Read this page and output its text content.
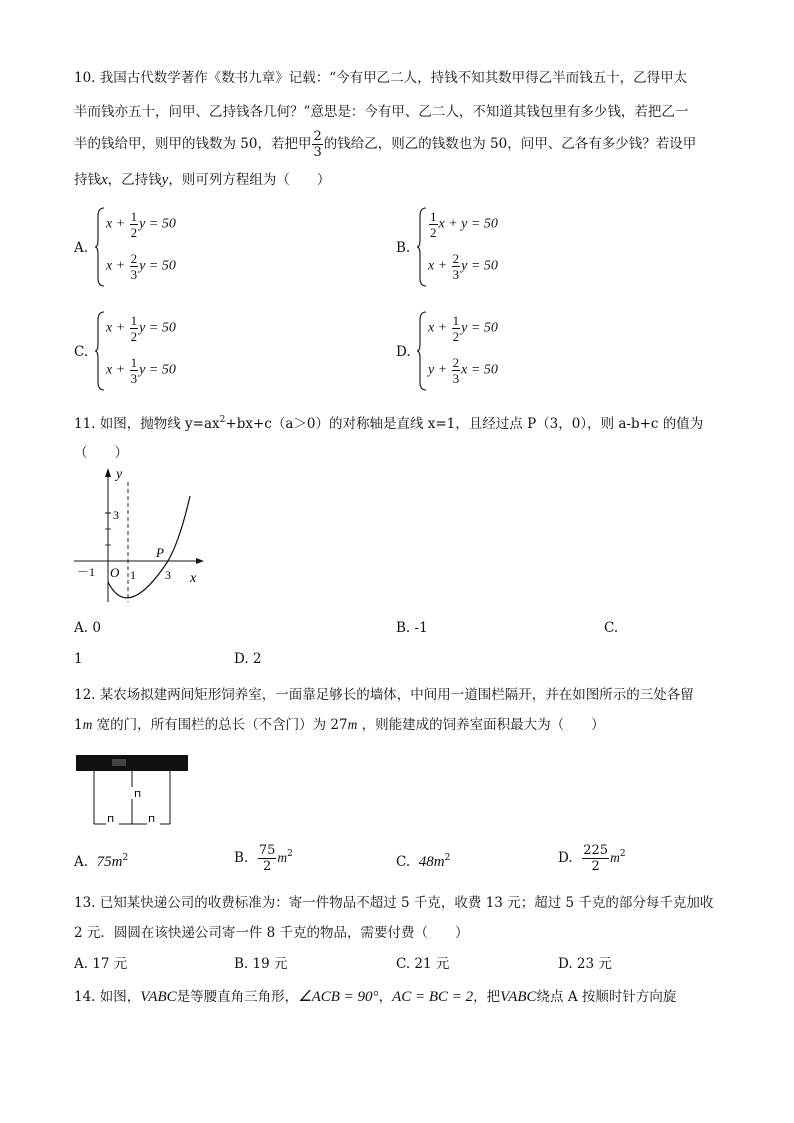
10. 我国古代数学著作《数书九章》记载：“今有甲乙二人，持钱不知其数甲得乙半而钱五十，乙得甲太
半而钱亦五十，问甲、乙持钱各几何？”意思是：今有甲、乙二人，不知道其钱包里有多少钱，若把乙一
半的钱给甲，则甲的钱数为 50，若把甲 $\frac{2}{3}$ 的钱给乙，则乙的钱数也为 50，问甲、乙各有多少钱？若设甲
持钱x，乙持钱y，则可列方程组为（　　）
A.
$x + \frac{1}{2}$ y = 50
$x + \frac{2}{3}$ y = 50
B.
$\frac{1}{2}$ x + y = 50
$x + \frac{2}{3}$ y = 50
C.
$x + \frac{1}{2}$ y = 50
$x + \frac{1}{3}$ y = 50
D.
$x + \frac{1}{2}$ y = 50
$y + \frac{2}{3}$ x = 50
11. 如图，抛物线 $y=ax^2+bx+c(a>0)$的对称轴是直线 x=1，且经过点 P（3，0），则 a-b+c 的值为
（　　）
y
3
－1 O 1 3 x
P
A. 0	B. -1	C.
1	D. 2
12. 某农场拟建两间矩形饲养室，一面靠足够长的墙体，中间用一道围栏隔开，并在如图所示的三处各留
1m 宽的门，所有围栏的总长（不含门）为 27m ，则能建成的饲养室面积最大为（　　）
п
п	п
A. $75m^2$	B. $\frac{75}{2} m^2$	C. $48m^2$	D. $\frac{225}{2} m^2$
13. 已知某快递公司的收费标准为：寄一件物品不超过 5 千克，收费 13 元；超过 5 千克的部分每千克加收
2 元．圆圆在该快递公司寄一件 8 千克的物品，需要付费（　　）
A. 17 元	B. 19 元	C. 21 元	D. 23 元
14. 如图，VABC是等腰直角三角形，∠ACB = 90°，AC = BC = 2，把VABC绕点 A 按顺时针方向旋
